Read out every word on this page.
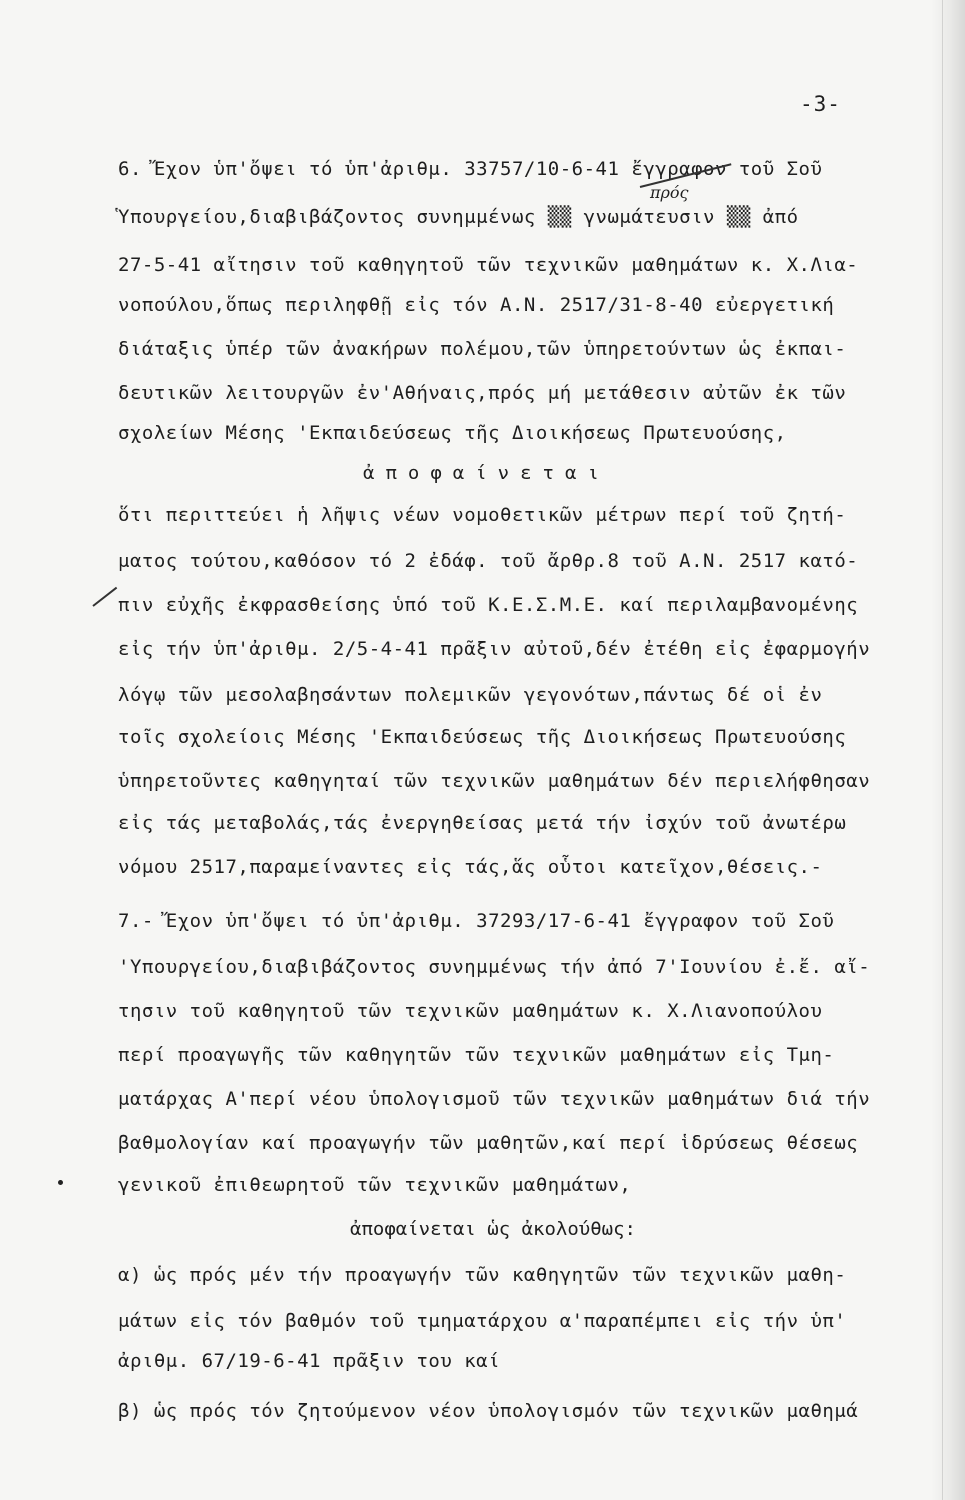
-3-
6. Ἔχον ὑπ'ὄψει τό ὑπ'ἀριθμ. 33757/10-6-41 ἔγγραφον τοῦ Σοῦ
πρός
Ὑπουργείου,διαβιβάζοντος συνημμένως ▒▒ γνωμάτευσιν ▒▒ ἀπό
27-5-41 αἴτησιν τοῦ καθηγητοῦ τῶν τεχνικῶν μαθημάτων κ. Χ.Λια-
νοπούλου,ὅπως περιληφθῇ εἰς τόν Α.Ν. 2517/31-8-40 εὐεργετική
διάταξις ὑπέρ τῶν ἀνακήρων πολέμου,τῶν ὑπηρετούντων ὡς ἐκπαι-
δευτικῶν λειτουργῶν ἐν'Αθήναις,πρός μή μετάθεσιν αὐτῶν ἐκ τῶν
σχολείων Μέσης 'Εκπαιδεύσεως τῆς Διοικήσεως Πρωτευούσης,
ἀποφαίνεται
ὅτι περιττεύει ἡ λῆψις νέων νομοθετικῶν μέτρων περί τοῦ ζητή-
ματος τούτου,καθόσον τό 2 ἐδάφ. τοῦ ἄρθρ.8 τοῦ Α.Ν. 2517 κατό-
πιν εὐχῆς ἐκφρασθείσης ὑπό τοῦ Κ.Ε.Σ.Μ.Ε. καί περιλαμβανομένης
εἰς τήν ὑπ'ἀριθμ. 2/5-4-41 πρᾶξιν αὐτοῦ,δέν ἐτέθη εἰς ἐφαρμογήν
λόγῳ τῶν μεσολαβησάντων πολεμικῶν γεγονότων,πάντως δέ οἱ ἐν
τοῖς σχολείοις Μέσης 'Εκπαιδεύσεως τῆς Διοικήσεως Πρωτευούσης
ὑπηρετοῦντες καθηγηταί τῶν τεχνικῶν μαθημάτων δέν περιελήφθησαν
εἰς τάς μεταβολάς,τάς ἐνεργηθείσας μετά τήν ἰσχύν τοῦ ἀνωτέρω
νόμου 2517,παραμείναντες εἰς τάς,ἅς οὗτοι κατεῖχον,θέσεις.-
7.- Ἔχον ὑπ'ὄψει τό ὑπ'ἀριθμ. 37293/17-6-41 ἔγγραφον τοῦ Σοῦ
'Υπουργείου,διαβιβάζοντος συνημμένως τήν ἀπό 7'Ιουνίου ἐ.ἔ. αἴ-
τησιν τοῦ καθηγητοῦ τῶν τεχνικῶν μαθημάτων κ. Χ.Λιανοπούλου
περί προαγωγῆς τῶν καθηγητῶν τῶν τεχνικῶν μαθημάτων εἰς Τμη-
ματάρχας Α'περί νέου ὑπολογισμοῦ τῶν τεχνικῶν μαθημάτων διά τήν
βαθμολογίαν καί προαγωγήν τῶν μαθητῶν,καί περί ἱδρύσεως θέσεως
γενικοῦ ἐπιθεωρητοῦ τῶν τεχνικῶν μαθημάτων,
ἀποφαίνεται ὡς ἀκολούθως:
α) ὡς πρός μέν τήν προαγωγήν τῶν καθηγητῶν τῶν τεχνικῶν μαθη-
μάτων εἰς τόν βαθμόν τοῦ τμηματάρχου α'παραπέμπει εἰς τήν ὑπ'
ἀριθμ. 67/19-6-41 πρᾶξιν του καί
β) ὡς πρός τόν ζητούμενον νέον ὑπολογισμόν τῶν τεχνικῶν μαθημά
